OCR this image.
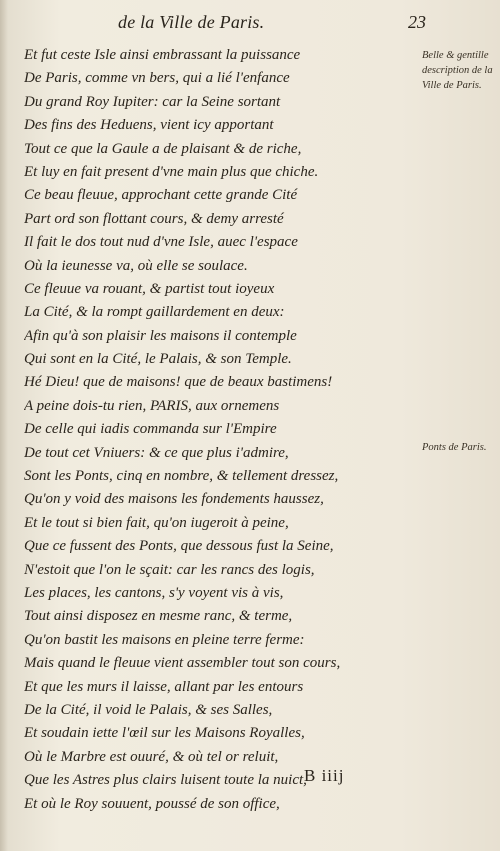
de la Ville de Paris.	23
Et fut ceste Isle ainsi embrassant la puissance
De Paris, comme vn bers, qui a lié l'enfance
Du grand Roy Iupiter: car la Seine sortant
Des fins des Heduens, vient icy apportant
Tout ce que la Gaule a de plaisant & de riche,
Et luy en fait present d'vne main plus que chiche.
Ce beau fleuue, approchant cette grande Cité
Part ord son flottant cours, & demy arresté
Il fait le dos tout nud d'vne Isle, auec l'espace
Où la ieunesse va, où elle se soulace.
Ce fleuue va rouant, & partist tout ioyeux
La Cité, & la rompt gaillardement en deux:
Afin qu'à son plaisir les maisons il contemple
Qui sont en la Cité, le Palais, & son Temple.
Hé Dieu! que de maisons! que de beaux bastimens!
A peine dois-tu rien, PARIS, aux ornemens
De celle qui iadis commanda sur l'Empire
De tout cet Vniuers: & ce que plus i'admire,
Sont les Ponts, cinq en nombre, & tellement dressez,
Qu'on y void des maisons les fondements haussez,
Et le tout si bien fait, qu'on iugeroit à peine,
Que ce fussent des Ponts, que dessous fust la Seine,
N'estoit que l'on le sçait: car les rancs des logis,
Les places, les cantons, s'y voyent vis à vis,
Tout ainsi disposez en mesme ranc, & terme,
Qu'on bastit les maisons en pleine terre ferme:
Mais quand le fleuue vient assembler tout son cours,
Et que les murs il laisse, allant par les entours
De la Cité, il void le Palais, & ses Salles,
Et soudain iette l'œil sur les Maisons Royalles,
Où le Marbre est ouuré, & où tel or reluit,
Que les Astres plus clairs luisent toute la nuict,
Et où le Roy souuent, poussé de son office,
Belle & gentille description de la Ville de Paris.
Ponts de Paris.
B iiij
